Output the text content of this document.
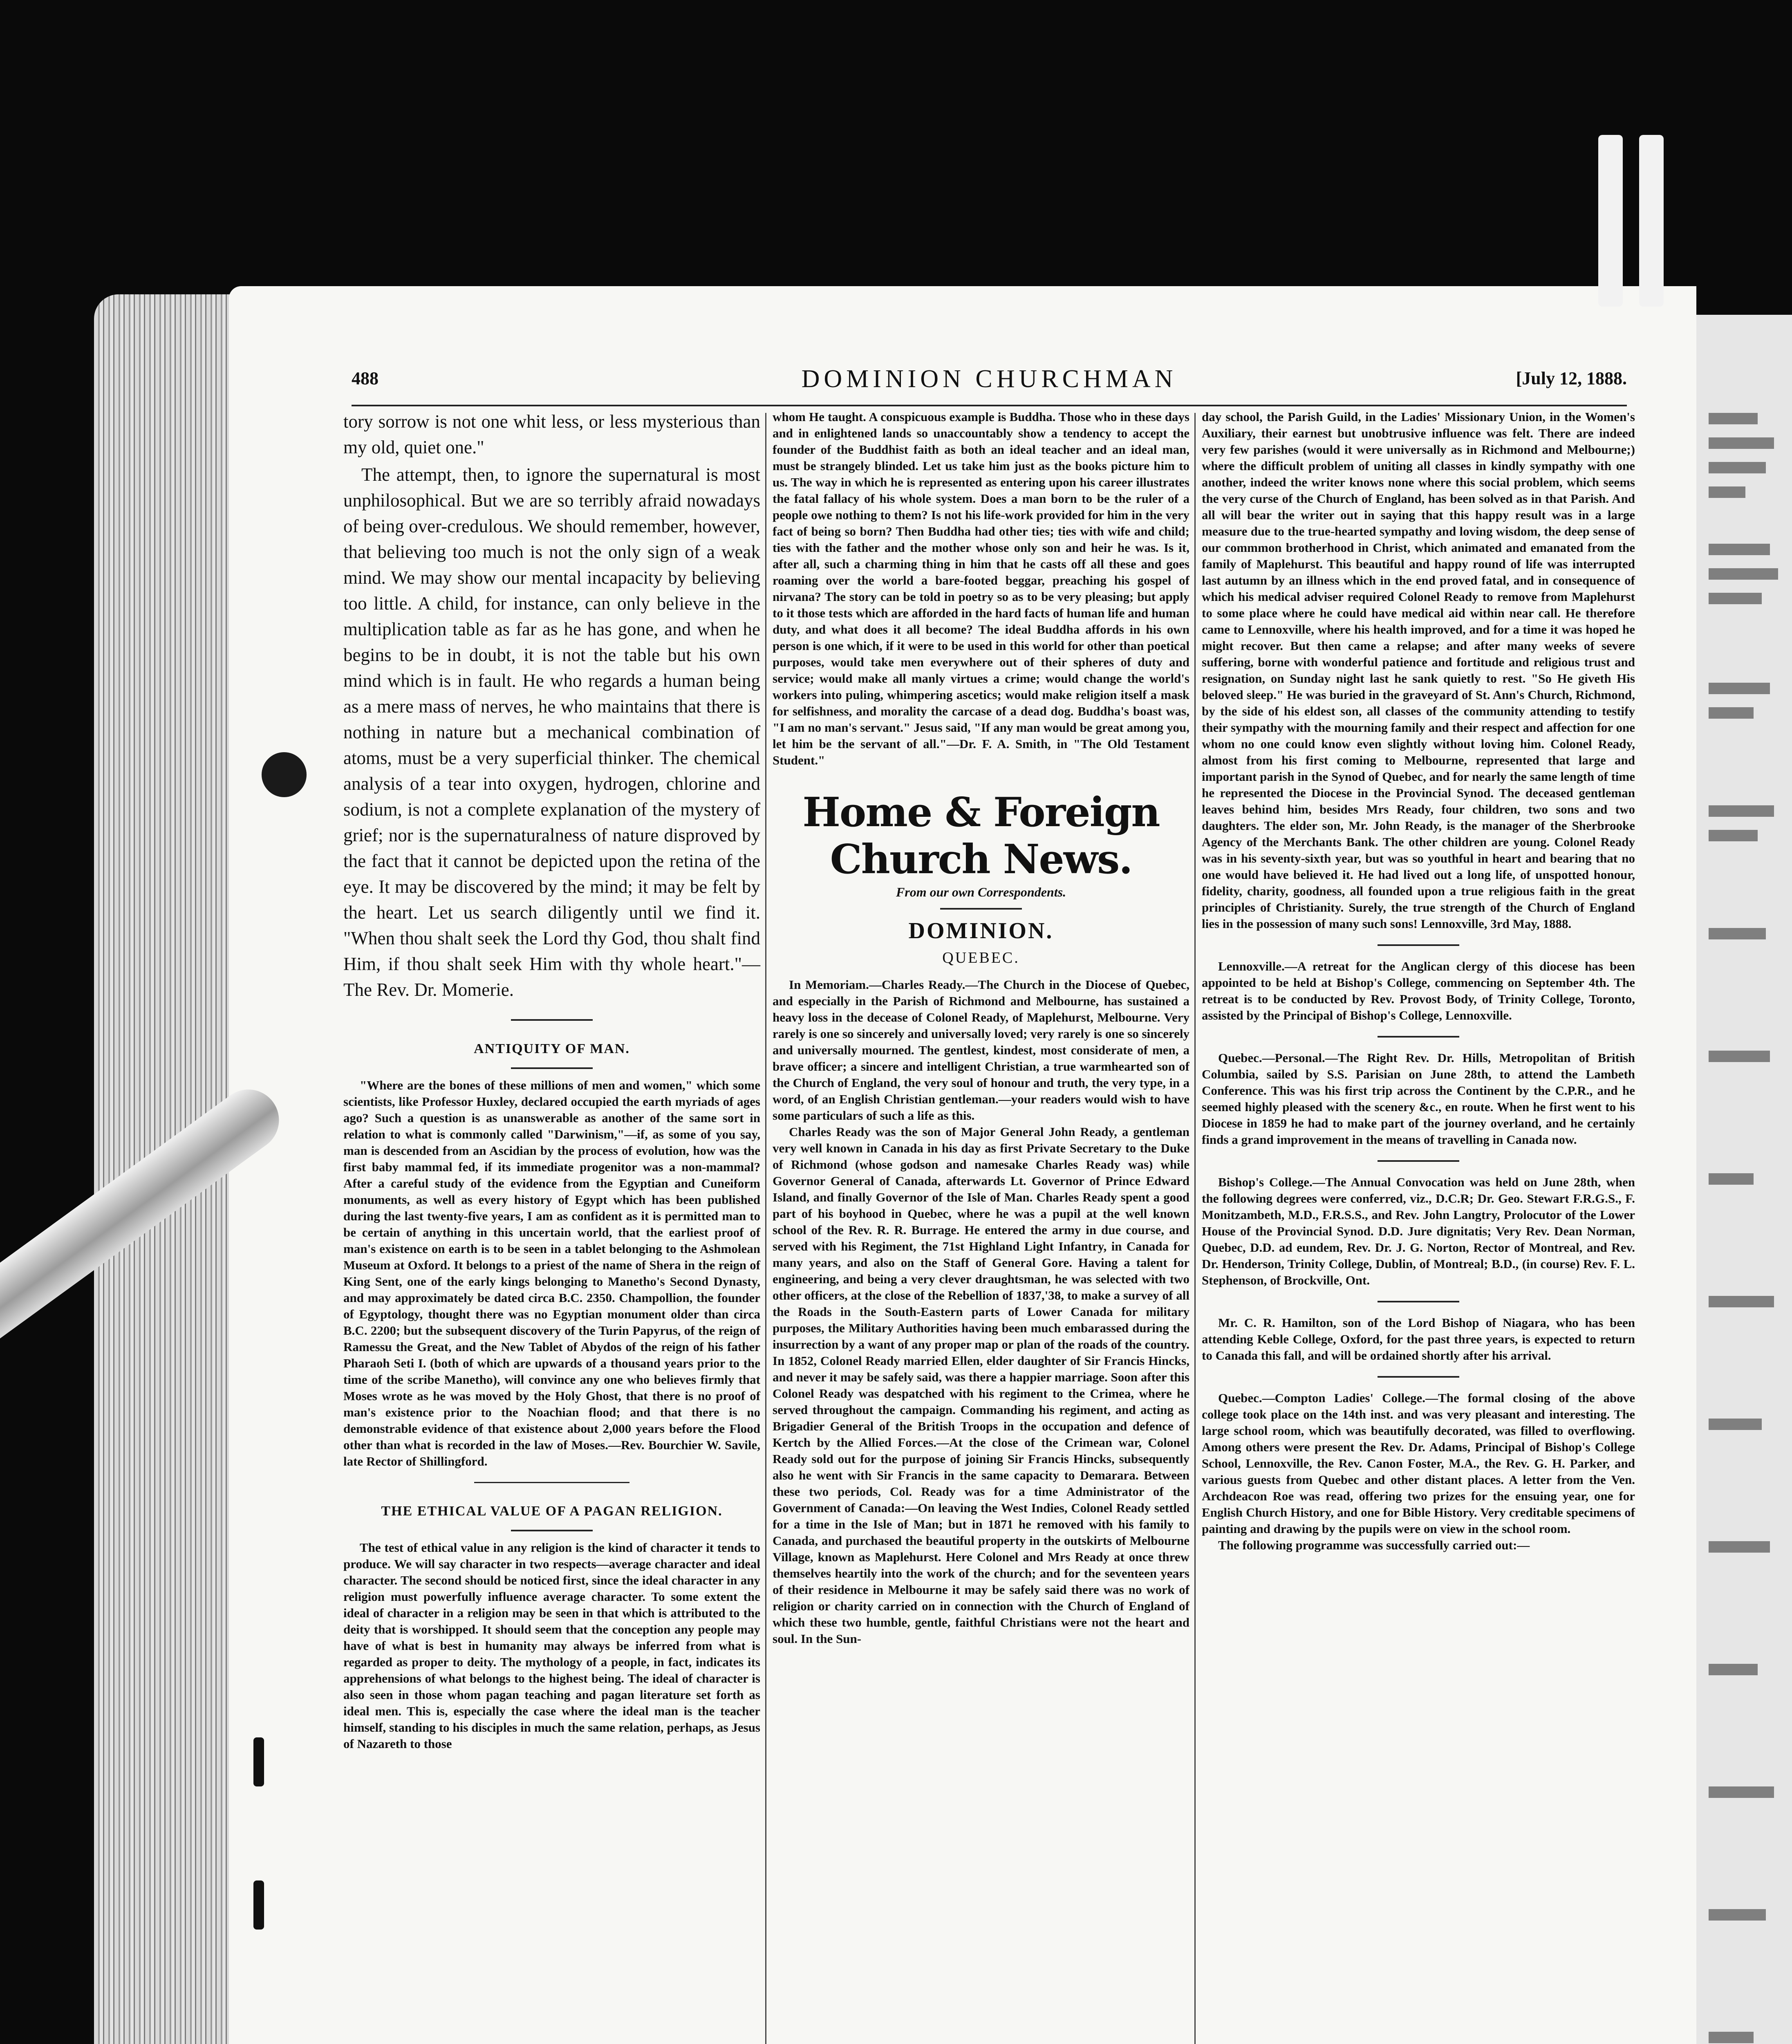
488	DOMINION CHURCHMAN	[July 12, 1888.

tory sorrow is not one whit less, or less mysterious than my old, quiet one."

The attempt, then, to ignore the supernatural is most unphilosophical. But we are so terribly afraid nowadays of being over-credulous. We should remember, however, that believing too much is not the only sign of a weak mind. We may show our mental incapacity by believing too little. A child, for instance, can only believe in the multiplication table as far as he has gone, and when he begins to be in doubt, it is not the table but his own mind which is in fault. He who regards a human being as a mere mass of nerves, he who maintains that there is nothing in nature but a mechanical combination of atoms, must be a very superficial thinker. The chemical analysis of a tear into oxygen, hydrogen, chlorine and sodium, is not a complete explanation of the mystery of grief; nor is the supernaturalness of nature disproved by the fact that it cannot be depicted upon the retina of the eye. It may be discovered by the mind; it may be felt by the heart. Let us search diligently until we find it. "When thou shalt seek the Lord thy God, thou shalt find Him, if thou shalt seek Him with thy whole heart."—The Rev. Dr. Momerie.

ANTIQUITY OF MAN.

"Where are the bones of these millions of men and women," which some scientists, like Professor Huxley, declared occupied the earth myriads of ages ago? Such a question is as unanswerable as another of the same sort in relation to what is commonly called "Darwinism,"—if, as some of you say, man is descended from an Ascidian by the process of evolution, how was the first baby mammal fed, if its immediate progenitor was a non-mammal? After a careful study of the evidence from the Egyptian and Cuneiform monuments, as well as every history of Egypt which has been published during the last twenty-five years, I am as confident as it is permitted man to be certain of anything in this uncertain world, that the earliest proof of man's existence on earth is to be seen in a tablet belonging to the Ashmolean Museum at Oxford. It belongs to a priest of the name of Shera in the reign of King Sent, one of the early kings belonging to Manetho's Second Dynasty, and may approximately be dated circa B.C. 2350. Champollion, the founder of Egyptology, thought there was no Egyptian monument older than circa B.C. 2200; but the subsequent discovery of the Turin Papyrus, of the reign of Ramessu the Great, and the New Tablet of Abydos of the reign of his father Pharaoh Seti I. (both of which are upwards of a thousand years prior to the time of the scribe Manetho), will convince any one who believes firmly that Moses wrote as he was moved by the Holy Ghost, that there is no proof of man's existence prior to the Noachian flood; and that there is no demonstrable evidence of that existence about 2,000 years before the Flood other than what is recorded in the law of Moses.—Rev. Bourchier W. Savile, late Rector of Shillingford.

THE ETHICAL VALUE OF A PAGAN RELIGION.

The test of ethical value in any religion is the kind of character it tends to produce. We will say character in two respects—average character and ideal character. The second should be noticed first, since the ideal character in any religion must powerfully influence average character. To some extent the ideal of character in a religion may be seen in that which is attributed to the deity that is worshipped. It should seem that the conception any people may have of what is best in humanity may always be inferred from what is regarded as proper to deity. The mythology of a people, in fact, indicates its apprehensions of what belongs to the highest being. The ideal of character is also seen in those whom pagan teaching and pagan literature set forth as ideal men. This is, especially the case where the ideal man is the teacher himself, standing to his disciples in much the same relation, perhaps, as Jesus of Nazareth to those

whom He taught. A conspicuous example is Buddha. Those who in these days and in enlightened lands so unaccountably show a tendency to accept the founder of the Buddhist faith as both an ideal teacher and an ideal man, must be strangely blinded. Let us take him just as the books picture him to us. The way in which he is represented as entering upon his career illustrates the fatal fallacy of his whole system. Does a man born to be the ruler of a people owe nothing to them? Is not his life-work provided for him in the very fact of being so born? Then Buddha had other ties; ties with wife and child; ties with the father and the mother whose only son and heir he was. Is it, after all, such a charming thing in him that he casts off all these and goes roaming over the world a bare-footed beggar, preaching his gospel of nirvana? The story can be told in poetry so as to be very pleasing; but apply to it those tests which are afforded in the hard facts of human life and human duty, and what does it all become? The ideal Buddha affords in his own person is one which, if it were to be used in this world for other than poetical purposes, would take men everywhere out of their spheres of duty and service; would make all manly virtues a crime; would change the world's workers into puling, whimpering ascetics; would make religion itself a mask for selfishness, and morality the carcase of a dead dog. Buddha's boast was, "I am no man's servant." Jesus said, "If any man would be great among you, let him be the servant of all."—Dr. F. A. Smith, in "The Old Testament Student."

Home & Foreign Church News.
From our own Correspondents.
DOMINION.
QUEBEC.

In Memoriam.—Charles Ready.—The Church in the Diocese of Quebec, and especially in the Parish of Richmond and Melbourne, has sustained a heavy loss in the decease of Colonel Ready, of Maplehurst, Melbourne. Very rarely is one so sincerely and universally loved; very rarely is one so sincerely and universally mourned. The gentlest, kindest, most considerate of men, a brave officer; a sincere and intelligent Christian, a true warmhearted son of the Church of England, the very soul of honour and truth, the very type, in a word, of an English Christian gentleman.—your readers would wish to have some particulars of such a life as this.

Charles Ready was the son of Major General John Ready, a gentleman very well known in Canada in his day as first Private Secretary to the Duke of Richmond (whose godson and namesake Charles Ready was) while Governor General of Canada, afterwards Lt. Governor of Prince Edward Island, and finally Governor of the Isle of Man. Charles Ready spent a good part of his boyhood in Quebec, where he was a pupil at the well known school of the Rev. R. R. Burrage. He entered the army in due course, and served with his Regiment, the 71st Highland Light Infantry, in Canada for many years, and also on the Staff of General Gore. Having a talent for engineering, and being a very clever draughtsman, he was selected with two other officers, at the close of the Rebellion of 1837,'38, to make a survey of all the Roads in the South-Eastern parts of Lower Canada for military purposes, the Military Authorities having been much embarassed during the insurrection by a want of any proper map or plan of the roads of the country. In 1852, Colonel Ready married Ellen, elder daughter of Sir Francis Hincks, and never it may be safely said, was there a happier marriage. Soon after this Colonel Ready was despatched with his regiment to the Crimea, where he served throughout the campaign. Commanding his regiment, and acting as Brigadier General of the British Troops in the occupation and defence of Kertch by the Allied Forces.—At the close of the Crimean war, Colonel Ready sold out for the purpose of joining Sir Francis Hincks, subsequently also he went with Sir Francis in the same capacity to Demarara. Between these two periods, Col. Ready was for a time Administrator of the Government of Canada:—On leaving the West Indies, Colonel Ready settled for a time in the Isle of Man; but in 1871 he removed with his family to Canada, and purchased the beautiful property in the outskirts of Melbourne Village, known as Maplehurst. Here Colonel and Mrs Ready at once threw themselves heartily into the work of the church; and for the seventeen years of their residence in Melbourne it may be safely said there was no work of religion or charity carried on in connection with the Church of England of which these two humble, gentle, faithful Christians were not the heart and soul. In the Sun-

day school, the Parish Guild, in the Ladies' Missionary Union, in the Women's Auxiliary, their earnest but unobtrusive influence was felt. There are indeed very few parishes (would it were universally as in Richmond and Melbourne;) where the difficult problem of uniting all classes in kindly sympathy with one another, indeed the writer knows none where this social problem, which seems the very curse of the Church of England, has been solved as in that Parish. And all will bear the writer out in saying that this happy result was in a large measure due to the true-hearted sympathy and loving wisdom, the deep sense of our commmon brotherhood in Christ, which animated and emanated from the family of Maplehurst. This beautiful and happy round of life was interrupted last autumn by an illness which in the end proved fatal, and in consequence of which his medical adviser required Colonel Ready to remove from Maplehurst to some place where he could have medical aid within near call. He therefore came to Lennoxville, where his health improved, and for a time it was hoped he might recover. But then came a relapse; and after many weeks of severe suffering, borne with wonderful patience and fortitude and religious trust and resignation, on Sunday night last he sank quietly to rest. "So He giveth His beloved sleep." He was buried in the graveyard of St. Ann's Church, Richmond, by the side of his eldest son, all classes of the community attending to testify their sympathy with the mourning family and their respect and affection for one whom no one could know even slightly without loving him. Colonel Ready, almost from his first coming to Melbourne, represented that large and important parish in the Synod of Quebec, and for nearly the same length of time he represented the Diocese in the Provincial Synod. The deceased gentleman leaves behind him, besides Mrs Ready, four children, two sons and two daughters. The elder son, Mr. John Ready, is the manager of the Sherbrooke Agency of the Merchants Bank. The other children are young. Colonel Ready was in his seventy-sixth year, but was so youthful in heart and bearing that no one would have believed it. He had lived out a long life, of unspotted honour, fidelity, charity, goodness, all founded upon a true religious faith in the great principles of Christianity. Surely, the true strength of the Church of England lies in the possession of many such sons! Lennoxville, 3rd May, 1888.

Lennoxville.—A retreat for the Anglican clergy of this diocese has been appointed to be held at Bishop's College, commencing on September 4th. The retreat is to be conducted by Rev. Provost Body, of Trinity College, Toronto, assisted by the Principal of Bishop's College, Lennoxville.

Quebec.—Personal.—The Right Rev. Dr. Hills, Metropolitan of British Columbia, sailed by S.S. Parisian on June 28th, to attend the Lambeth Conference. This was his first trip across the Continent by the C.P.R., and he seemed highly pleased with the scenery &c., en route. When he first went to his Diocese in 1859 he had to make part of the journey overland, and he certainly finds a grand improvement in the means of travelling in Canada now.

Bishop's College.—The Annual Convocation was held on June 28th, when the following degrees were conferred, viz., D.C.R; Dr. Geo. Stewart F.R.G.S., F. Monitzambeth, M.D., F.R.S.S., and Rev. John Langtry, Prolocutor of the Lower House of the Provincial Synod. D.D. Jure dignitatis; Very Rev. Dean Norman, Quebec, D.D. ad eundem, Rev. Dr. J. G. Norton, Rector of Montreal, and Rev. Dr. Henderson, Trinity College, Dublin, of Montreal; B.D., (in course) Rev. F. L. Stephenson, of Brockville, Ont.

Mr. C. R. Hamilton, son of the Lord Bishop of Niagara, who has been attending Keble College, Oxford, for the past three years, is expected to return to Canada this fall, and will be ordained shortly after his arrival.

Quebec.—Compton Ladies' College.—The formal closing of the above college took place on the 14th inst. and was very pleasant and interesting. The large school room, which was beautifully decorated, was filled to overflowing. Among others were present the Rev. Dr. Adams, Principal of Bishop's College School, Lennoxville, the Rev. Canon Foster, M.A., the Rev. G. H. Parker, and various guests from Quebec and other distant places. A letter from the Ven. Archdeacon Roe was read, offering two prizes for the ensuing year, one for English Church History, and one for Bible History. Very creditable specimens of painting and drawing by the pupils were on view in the school room.

The following programme was successfully carried out:—
